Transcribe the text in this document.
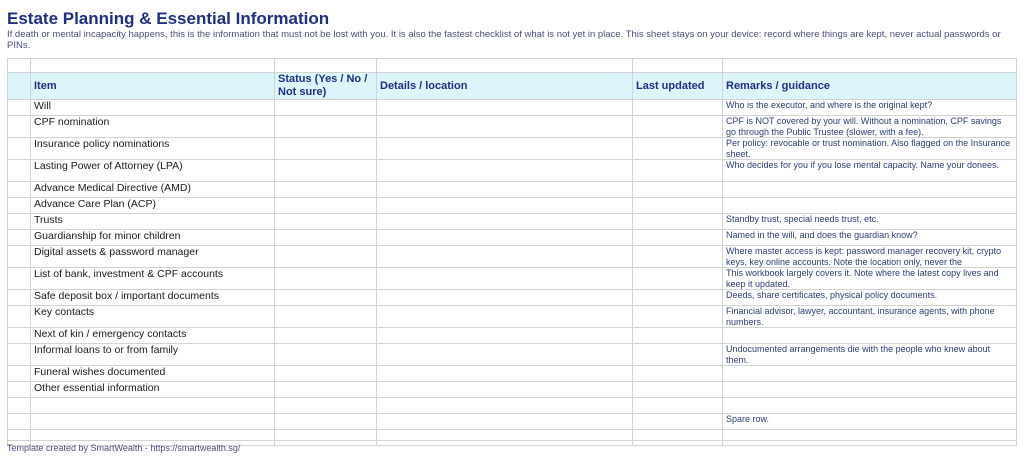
Estate Planning & Essential Information
If death or mental incapacity happens, this is the information that must not be lost with you. It is also the fastest checklist of what is not yet in place. This sheet stays on your device: record where things are kept, never actual passwords or PINs.

	Item	Status (Yes / No / Not sure)	Details / location	Last updated	Remarks / guidance
	Will				Who is the executor, and where is the original kept?
	CPF nomination				CPF is NOT covered by your will. Without a nomination, CPF savings go through the Public Trustee (slower, with a fee).
	Insurance policy nominations				Per policy: revocable or trust nomination. Also flagged on the Insurance sheet.
	Lasting Power of Attorney (LPA)				Who decides for you if you lose mental capacity. Name your donees.
	Advance Medical Directive (AMD)				
	Advance Care Plan (ACP)				
	Trusts				Standby trust, special needs trust, etc.
	Guardianship for minor children				Named in the will, and does the guardian know?
	Digital assets & password manager				Where master access is kept: password manager recovery kit, crypto keys, key online accounts. Note the location only, never the
	List of bank, investment & CPF accounts				This workbook largely covers it. Note where the latest copy lives and keep it updated.
	Safe deposit box / important documents				Deeds, share certificates, physical policy documents.
	Key contacts				Financial advisor, lawyer, accountant, insurance agents, with phone numbers.
	Next of kin / emergency contacts				
	Informal loans to or from family				Undocumented arrangements die with the people who knew about them.
	Funeral wishes documented				
	Other essential information				

					Spare row.

Template created by SmartWealth - https://smartwealth.sg/
